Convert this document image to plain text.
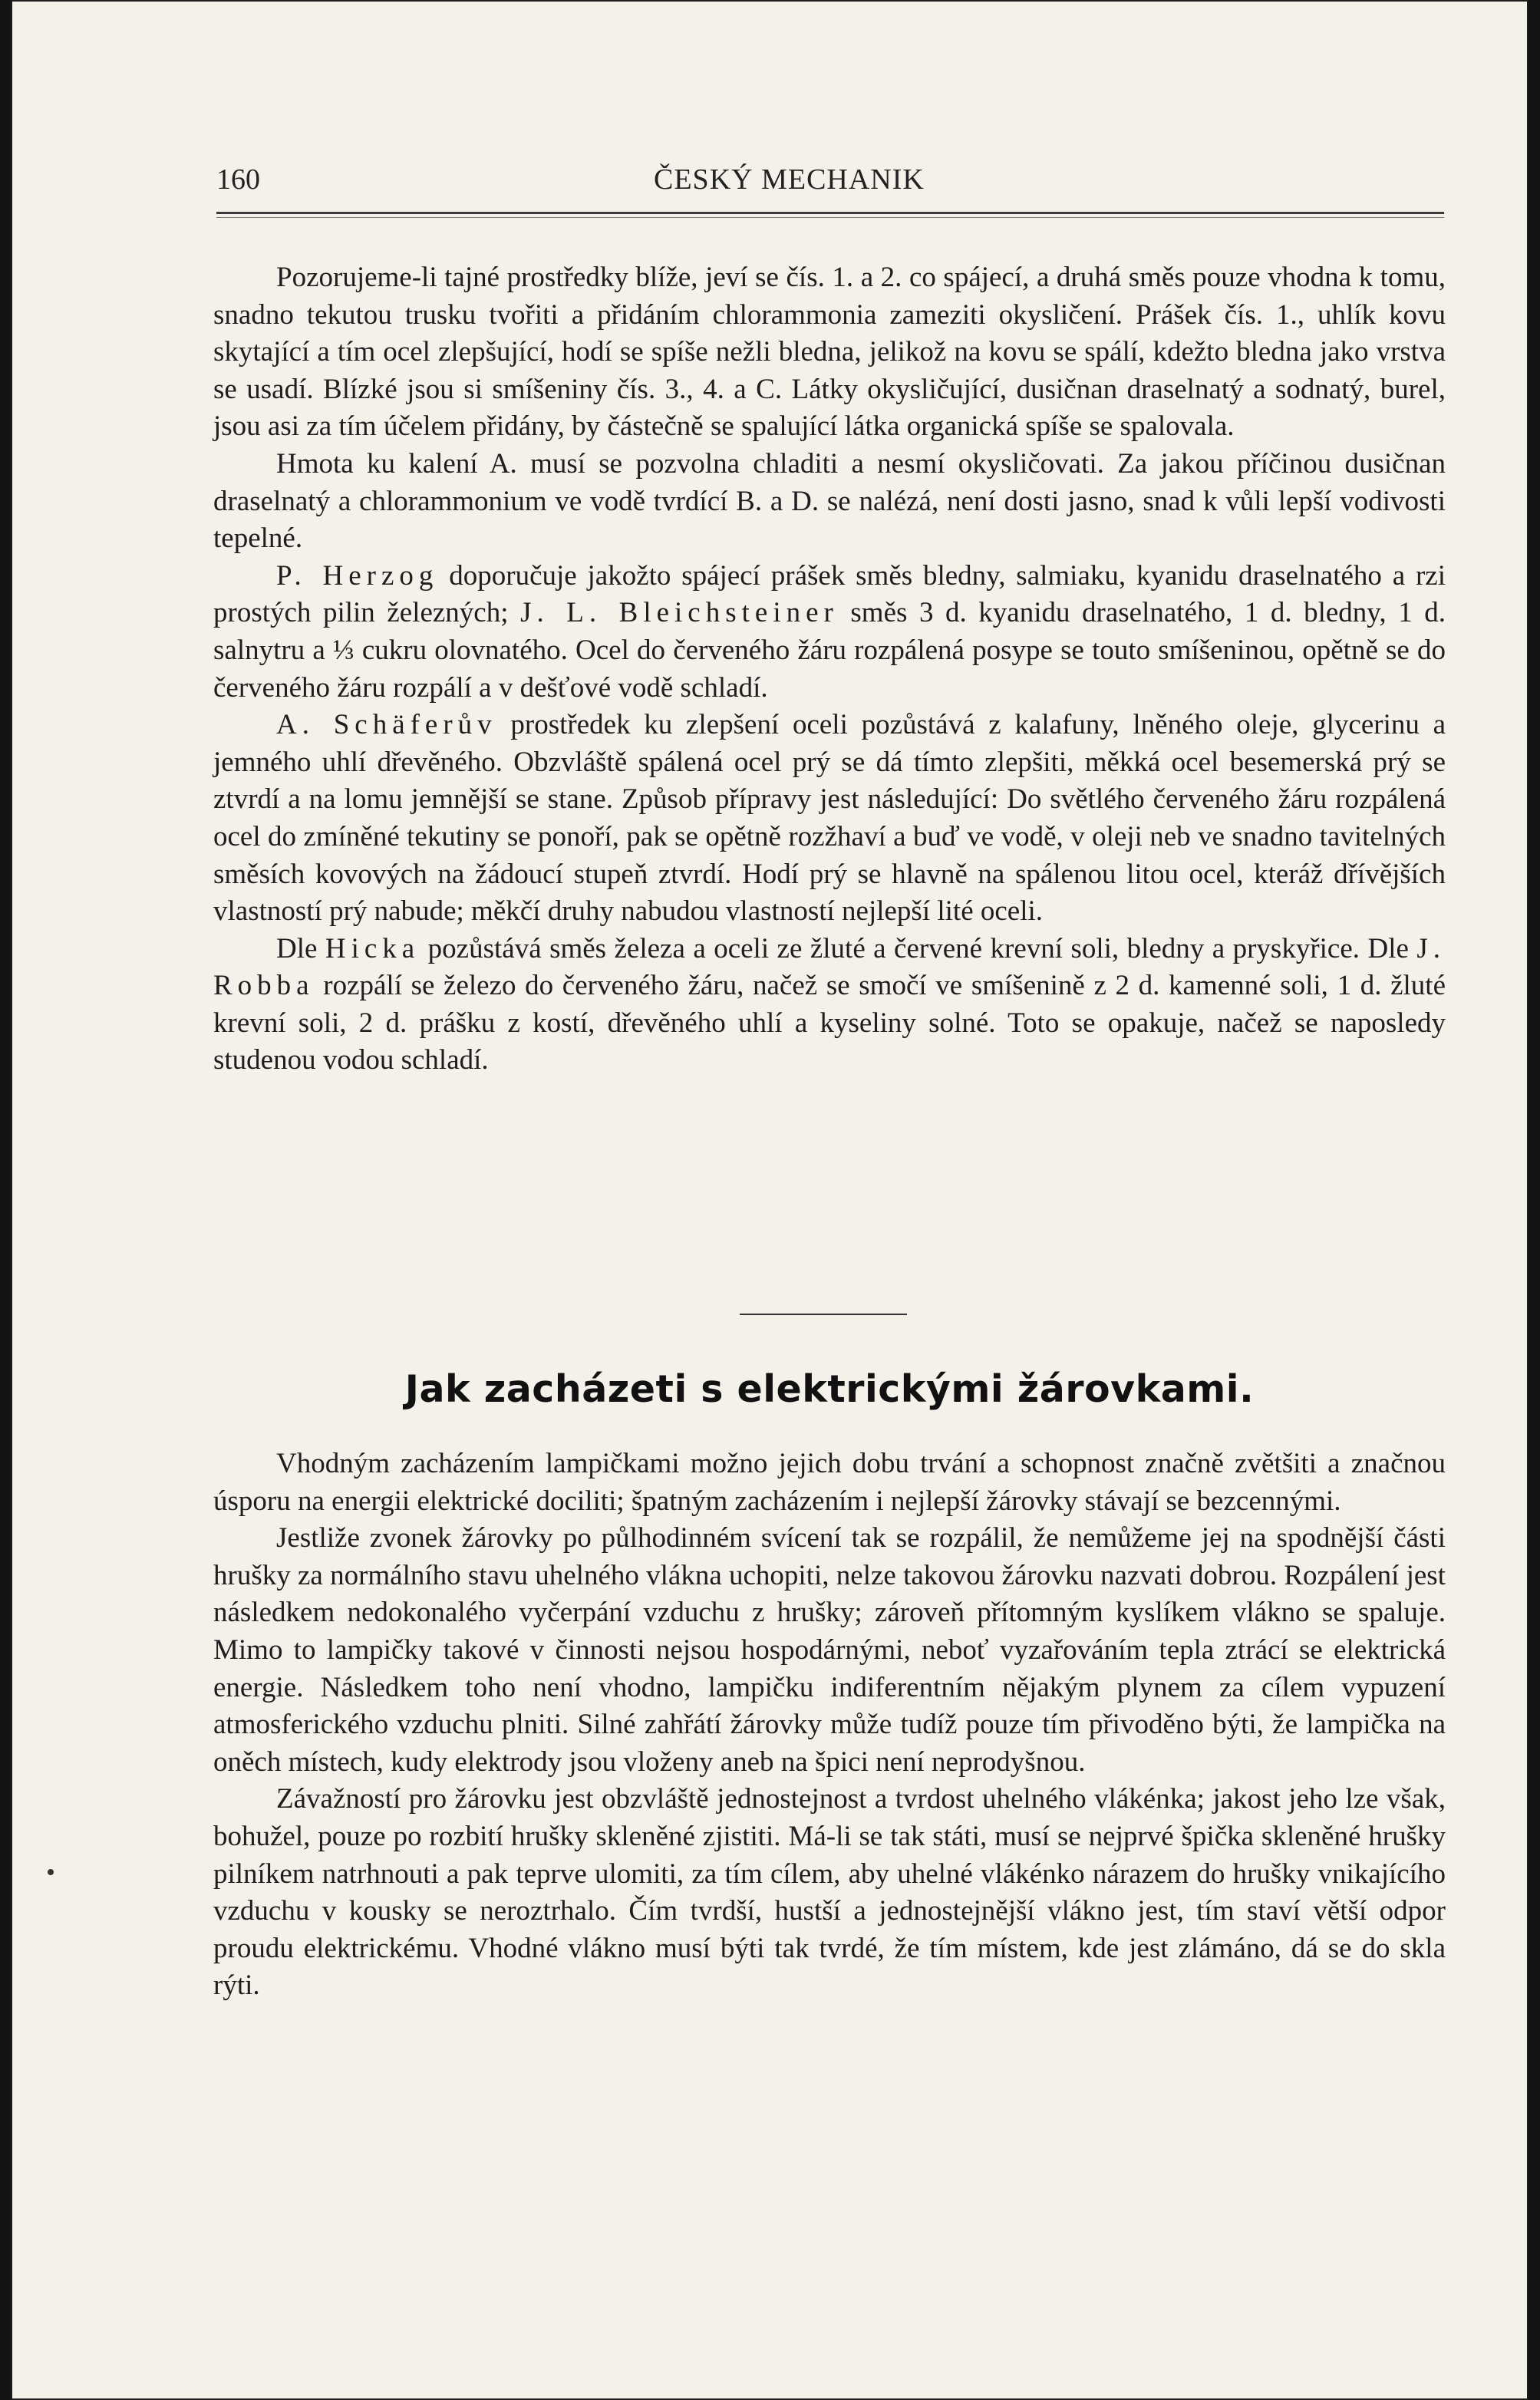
160	ČESKÝ MECHANIK

Pozorujeme-li tajné prostředky blíže, jeví se čís. 1. a 2. co spájecí, a druhá směs pouze vhodna k tomu, snadno tekutou trusku tvořiti a přidáním chlorammonia zameziti okysličení. Prášek čís. 1., uhlík kovu skytající a tím ocel zlepšující, hodí se spíše nežli bledna, jelikož na kovu se spálí, kdežto bledna jako vrstva se usadí. Blízké jsou si smíšeniny čís. 3., 4. a C. Látky okysličující, dusičnan draselnatý a sodnatý, burel, jsou asi za tím účelem přidány, by částečně se spalující látka organická spíše se spalovala.

Hmota ku kalení A. musí se pozvolna chladiti a nesmí okysličovati. Za jakou příčinou dusičnan draselnatý a chlorammonium ve vodě tvrdící B. a D. se nalézá, není dosti jasno, snad k vůli lepší vodivosti tepelné.

P. Herzog doporučuje jakožto spájecí prášek směs bledny, salmiaku, kyanidu draselnatého a rzi prostých pilin železných; J. L. Bleichsteiner směs 3 d. kyanidu draselnatého, 1 d. bledny, 1 d. salnytru a ⅓ cukru olovnatého. Ocel do červeného žáru rozpálená posype se touto smíšeninou, opětně se do červeného žáru rozpálí a v dešťové vodě schladí.

A. Schäferův prostředek ku zlepšení oceli pozůstává z kalafuny, lněného oleje, glycerinu a jemného uhlí dřevěného. Obzvláště spálená ocel prý se dá tímto zlepšiti, měkká ocel besemerská prý se ztvrdí a na lomu jemnější se stane. Způsob přípravy jest následující: Do světlého červeného žáru rozpálená ocel do zmíněné tekutiny se ponoří, pak se opětně rozžhaví a buď ve vodě, v oleji neb ve snadno tavitelných směsích kovových na žádoucí stupeň ztvrdí. Hodí prý se hlavně na spálenou litou ocel, kteráž dřívějších vlastností prý nabude; měkčí druhy nabudou vlastností nejlepší lité oceli.

Dle Hicka pozůstává směs železa a oceli ze žluté a červené krevní soli, bledny a pryskyřice. Dle J. Robba rozpálí se železo do červeného žáru, načež se smočí ve smíšenině z 2 d. kamenné soli, 1 d. žluté krevní soli, 2 d. prášku z kostí, dřevěného uhlí a kyseliny solné. Toto se opakuje, načež se naposledy studenou vodou schladí.

Jak zacházeti s elektrickými žárovkami.

Vhodným zacházením lampičkami možno jejich dobu trvání a schopnost značně zvětšiti a značnou úsporu na energii elektrické dociliti; špatným zacházením i nejlepší žárovky stávají se bezcennými.

Jestliže zvonek žárovky po půlhodinném svícení tak se rozpálil, že nemůžeme jej na spodnější části hrušky za normálního stavu uhelného vlákna uchopiti, nelze takovou žárovku nazvati dobrou. Rozpálení jest následkem nedokonalého vyčerpání vzduchu z hrušky; zároveň přítomným kyslíkem vlákno se spaluje. Mimo to lampičky takové v činnosti nejsou hospodárnými, neboť vyzařováním tepla ztrácí se elektrická energie. Následkem toho není vhodno, lampičku indiferentním nějakým plynem za cílem vypuzení atmosferického vzduchu plniti. Silné zahřátí žárovky může tudíž pouze tím přivoděno býti, že lampička na oněch místech, kudy elektrody jsou vloženy aneb na špici není neprodyšnou.

Závažností pro žárovku jest obzvláště jednostejnost a tvrdost uhelného vlákénka; jakost jeho lze však, bohužel, pouze po rozbití hrušky skleněné zjistiti. Má-li se tak státi, musí se nejprvé špička skleněné hrušky pilníkem natrhnouti a pak teprve ulomiti, za tím cílem, aby uhelné vlákénko nárazem do hrušky vnikajícího vzduchu v kousky se neroztrhalo. Čím tvrdší, hustší a jednostejnější vlákno jest, tím staví větší odpor proudu elektrickému. Vhodné vlákno musí býti tak tvrdé, že tím místem, kde jest zlámáno, dá se do skla rýti.
